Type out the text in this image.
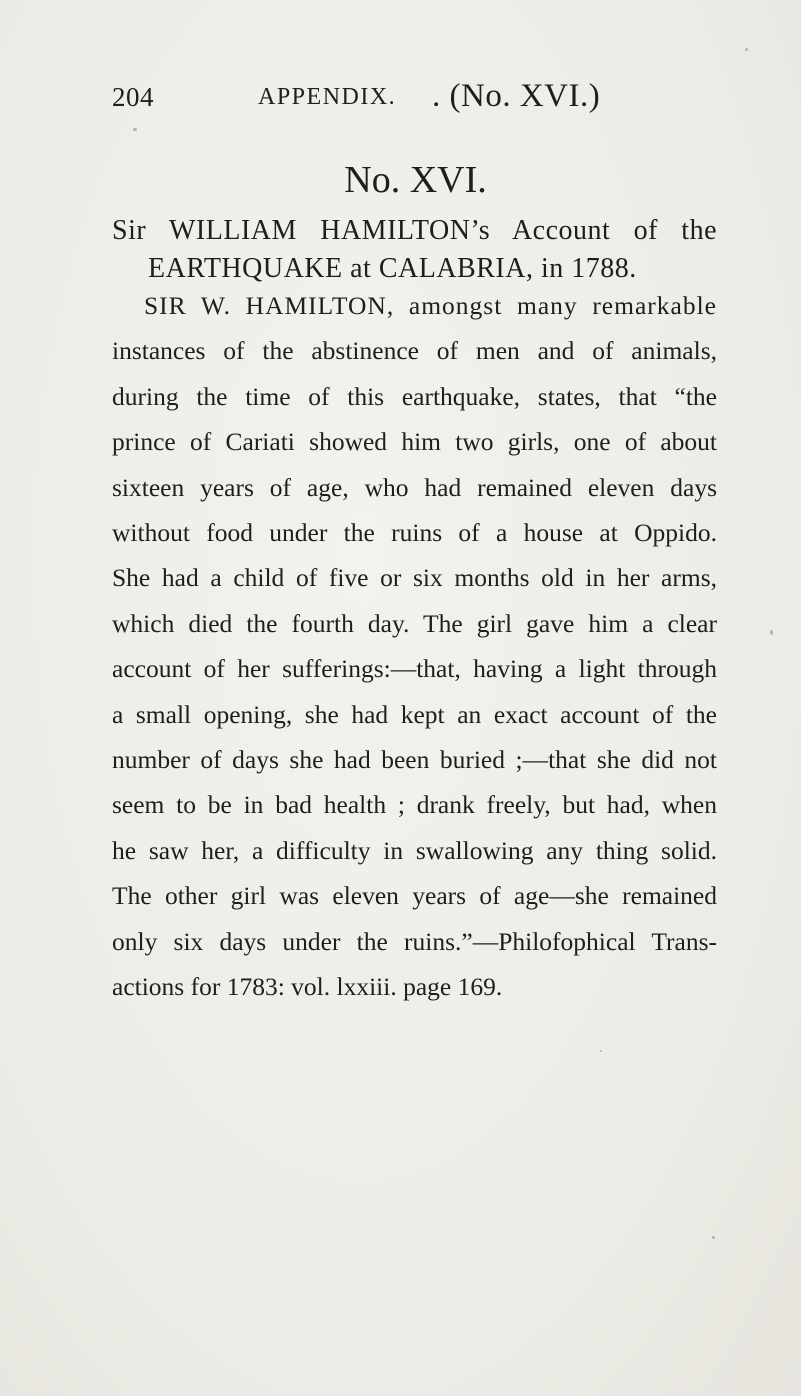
204	APPENDIX. . (No. XVI.)
No. XVI.
Sir WILLIAM HAMILTON’s Account of the
EARTHQUAKE at CALABRIA, in 1788.
SIR W. HAMILTON, amongst many remarkable
instances of the abstinence of men and of animals,
during the time of this earthquake, states, that “the
prince of Cariati showed him two girls, one of about
sixteen years of age, who had remained eleven days
without food under the ruins of a house at Oppido.
She had a child of five or six months old in her arms,
which died the fourth day. The girl gave him a clear
account of her sufferings:—that, having a light through
a small opening, she had kept an exact account of the
number of days she had been buried ;—that she did not
seem to be in bad health ; drank freely, but had, when
he saw her, a difficulty in swallowing any thing solid.
The other girl was eleven years of age—she remained
only six days under the ruins.”—Philofophical Trans-
actions for 1783: vol. lxxiii. page 169.
